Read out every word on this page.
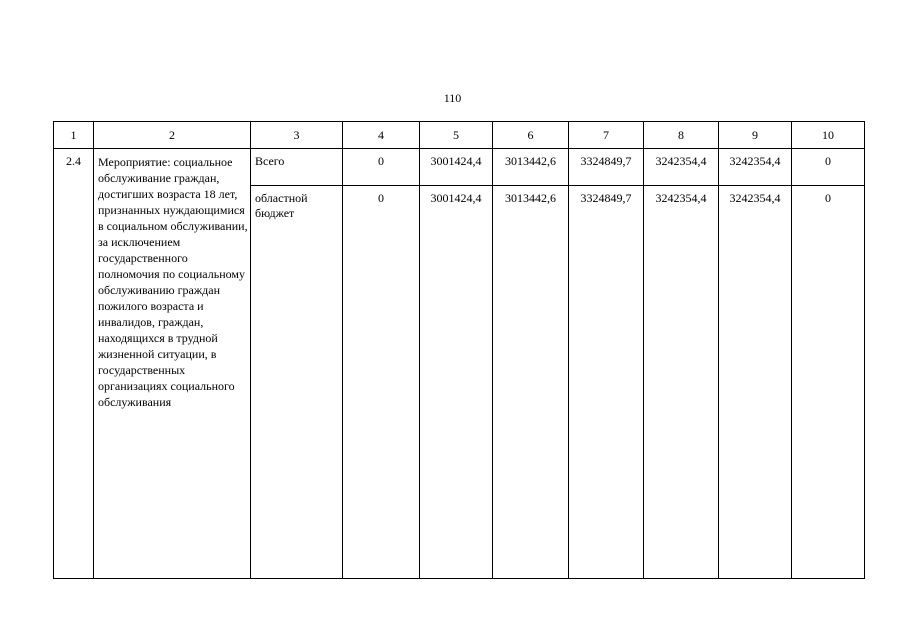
110
1	2	3	4	5	6	7	8	9	10
2.4	Мероприятие: социальное обслуживание граждан, достигших возраста 18 лет, признанных нуждающимися в социальном обслуживании, за исключением государственного полномочия по социальному обслуживанию граждан пожилого возраста и инвалидов, граждан, находящихся в трудной жизненной ситуации, в государственных организациях социального обслуживания	Всего	0	3001424,4	3013442,6	3324849,7	3242354,4	3242354,4	0
		областной бюджет	0	3001424,4	3013442,6	3324849,7	3242354,4	3242354,4	0
